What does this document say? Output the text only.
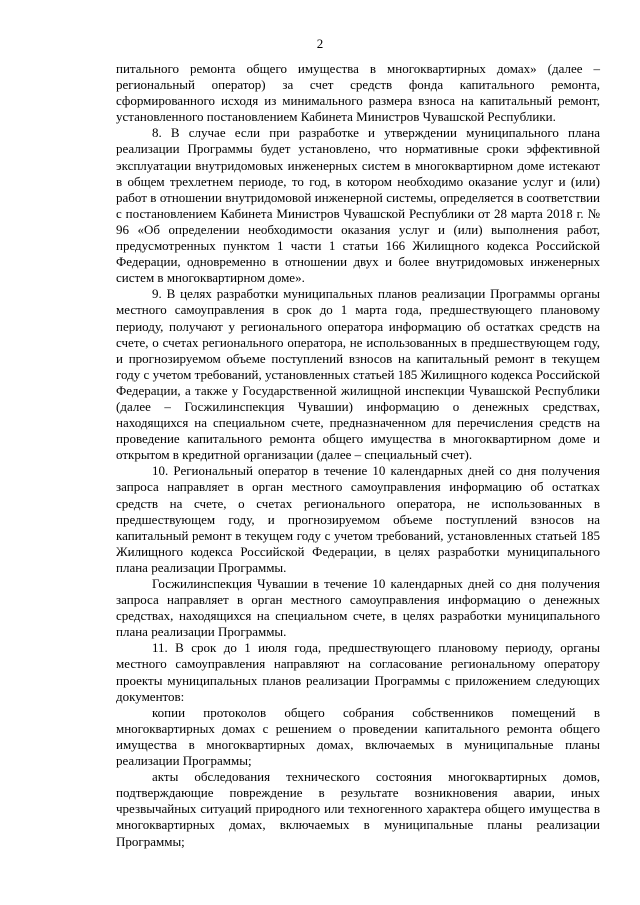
2

питального ремонта общего имущества в многоквартирных домах» (далее – региональный оператор) за счет средств фонда капитального ремонта, сформированного исходя из минимального размера взноса на капитальный ремонт, установленного постановлением Кабинета Министров Чувашской Республики.

8. В случае если при разработке и утверждении муниципального плана реализации Программы будет установлено, что нормативные сроки эффективной эксплуатации внутридомовых инженерных систем в многоквартирном доме истекают в общем трехлетнем периоде, то год, в котором необходимо оказание услуг и (или) работ в отношении внутридомовой инженерной системы, определяется в соответствии с постановлением Кабинета Министров Чувашской Республики от 28 марта 2018 г. № 96 «Об определении необходимости оказания услуг и (или) выполнения работ, предусмотренных пунктом 1 части 1 статьи 166 Жилищного кодекса Российской Федерации, одновременно в отношении двух и более внутридомовых инженерных систем в многоквартирном доме».

9. В целях разработки муниципальных планов реализации Программы органы местного самоуправления в срок до 1 марта года, предшествующего плановому периоду, получают у регионального оператора информацию об остатках средств на счете, о счетах регионального оператора, не использованных в предшествующем году, и прогнозируемом объеме поступлений взносов на капитальный ремонт в текущем году с учетом требований, установленных статьей 185 Жилищного кодекса Российской Федерации, а также у Государственной жилищной инспекции Чувашской Республики (далее – Госжилинспекция Чувашии) информацию о денежных средствах, находящихся на специальном счете, предназначенном для перечисления средств на проведение капитального ремонта общего имущества в многоквартирном доме и открытом в кредитной организации (далее – специальный счет).

10. Региональный оператор в течение 10 календарных дней со дня получения запроса направляет в орган местного самоуправления информацию об остатках средств на счете, о счетах регионального оператора, не использованных в предшествующем году, и прогнозируемом объеме поступлений взносов на капитальный ремонт в текущем году с учетом требований, установленных статьей 185 Жилищного кодекса Российской Федерации, в целях разработки муниципального плана реализации Программы.

Госжилинспекция Чувашии в течение 10 календарных дней со дня получения запроса направляет в орган местного самоуправления информацию о денежных средствах, находящихся на специальном счете, в целях разработки муниципального плана реализации Программы.

11. В срок до 1 июля года, предшествующего плановому периоду, органы местного самоуправления направляют на согласование региональному оператору проекты муниципальных планов реализации Программы с приложением следующих документов:

копии протоколов общего собрания собственников помещений в многоквартирных домах с решением о проведении капитального ремонта общего имущества в многоквартирных домах, включаемых в муниципальные планы реализации Программы;

акты обследования технического состояния многоквартирных домов, подтверждающие повреждение в результате возникновения аварии, иных чрезвычайных ситуаций природного или техногенного характера общего имущества в многоквартирных домах, включаемых в муниципальные планы реализации Программы;
